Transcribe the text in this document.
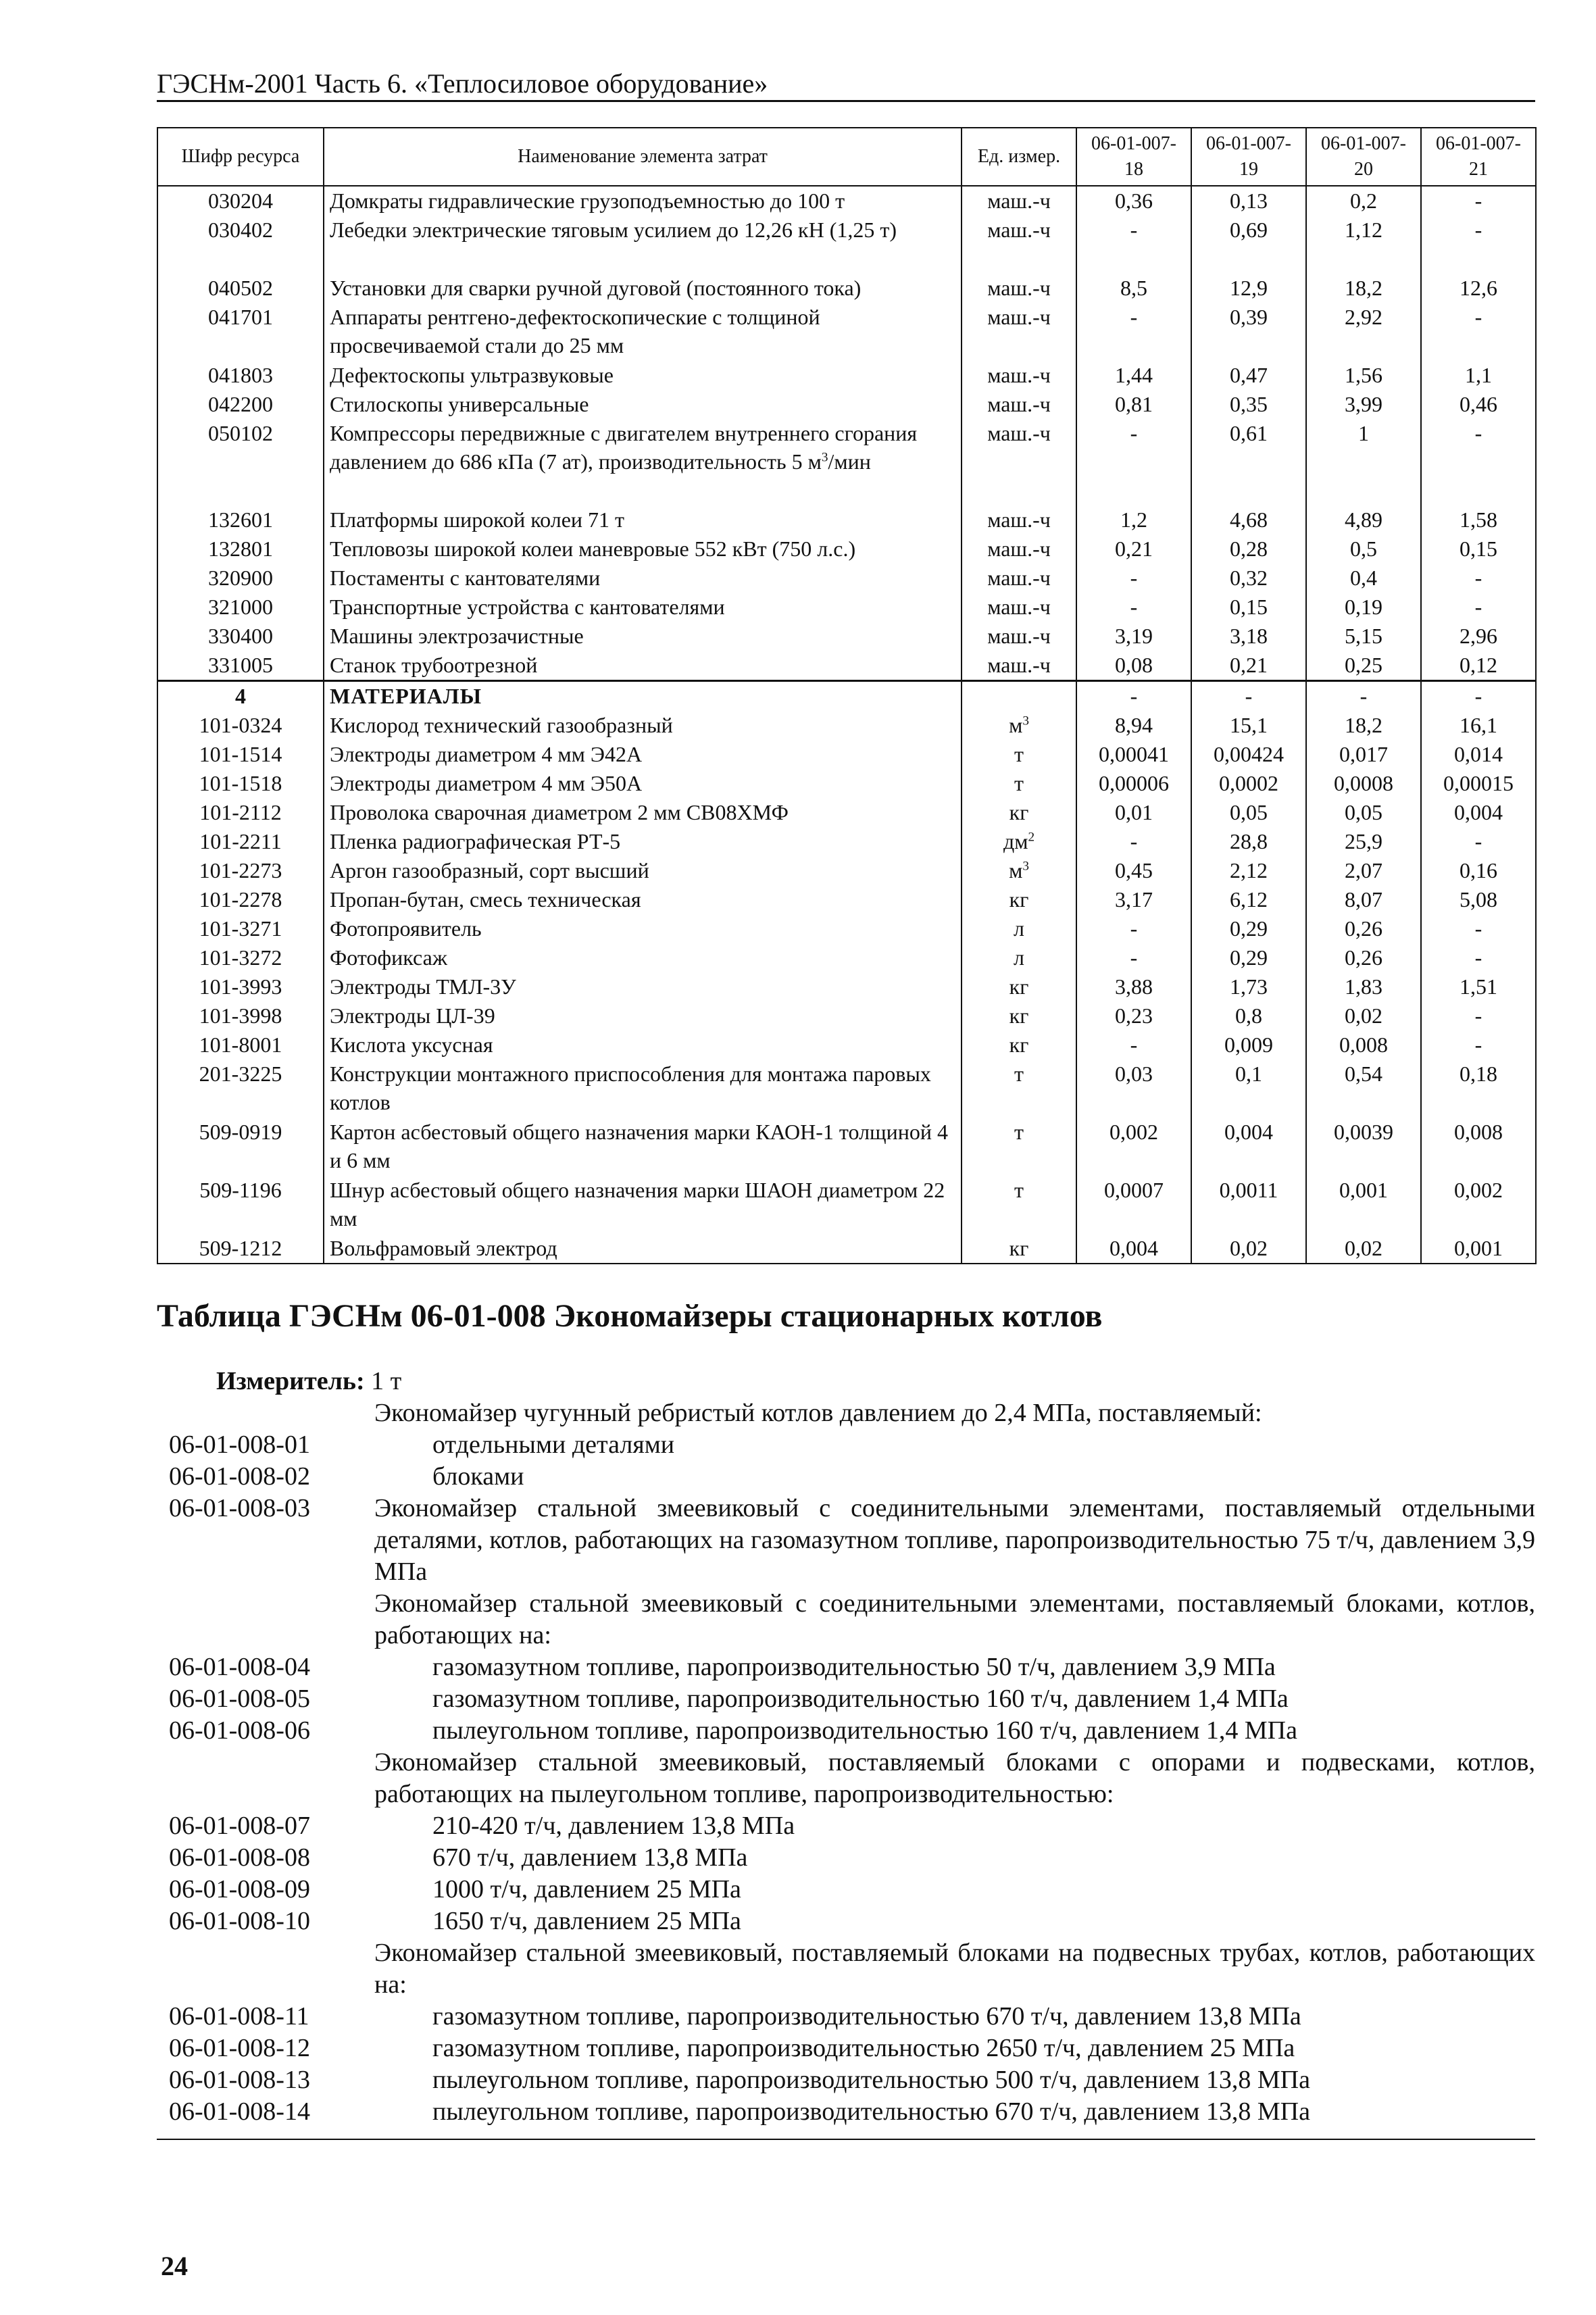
ГЭСНм-2001 Часть 6. «Теплосиловое оборудование»
Шифр ресурса	Наименование элемента затрат	Ед. измер.	06-01-007-18	06-01-007-19	06-01-007-20	06-01-007-21
030204	Домкраты гидравлические грузоподъемностью до 100 т	маш.-ч	0,36	0,13	0,2	-
030402	Лебедки электрические тяговым усилием до 12,26 кН (1,25 т)	маш.-ч	-	0,69	1,12	-
040502	Установки для сварки ручной дуговой (постоянного тока)	маш.-ч	8,5	12,9	18,2	12,6
041701	Аппараты рентгено-дефектоскопические с толщиной просвечиваемой стали до 25 мм	маш.-ч	-	0,39	2,92	-
041803	Дефектоскопы ультразвуковые	маш.-ч	1,44	0,47	1,56	1,1
042200	Стилоскопы универсальные	маш.-ч	0,81	0,35	3,99	0,46
050102	Компрессоры передвижные с двигателем внутреннего сгорания давлением до 686 кПа (7 ат), производительность 5 $м^3$/мин	маш.-ч	-	0,61	1	-
132601	Платформы широкой колеи 71 т	маш.-ч	1,2	4,68	4,89	1,58
132801	Тепловозы широкой колеи маневровые 552 кВт (750 л.с.)	маш.-ч	0,21	0,28	0,5	0,15
320900	Постаменты с кантователями	маш.-ч	-	0,32	0,4	-
321000	Транспортные устройства с кантователями	маш.-ч	-	0,15	0,19	-
330400	Машины электрозачистные	маш.-ч	3,19	3,18	5,15	2,96
331005	Станок трубоотрезной	маш.-ч	0,08	0,21	0,25	0,12
4	МАТЕРИАЛЫ		-	-	-	-
101-0324	Кислород технический газообразный	$м^3$	8,94	15,1	18,2	16,1
101-1514	Электроды диаметром 4 мм Э42А	т	0,00041	0,00424	0,017	0,014
101-1518	Электроды диаметром 4 мм Э50А	т	0,00006	0,0002	0,0008	0,00015
101-2112	Проволока сварочная диаметром 2 мм СВ08ХМФ	кг	0,01	0,05	0,05	0,004
101-2211	Пленка радиографическая РТ-5	$дм^2$	-	28,8	25,9	-
101-2273	Аргон газообразный, сорт высший	$м^3$	0,45	2,12	2,07	0,16
101-2278	Пропан-бутан, смесь техническая	кг	3,17	6,12	8,07	5,08
101-3271	Фотопроявитель	л	-	0,29	0,26	-
101-3272	Фотофиксаж	л	-	0,29	0,26	-
101-3993	Электроды ТМЛ-3У	кг	3,88	1,73	1,83	1,51
101-3998	Электроды ЦЛ-39	кг	0,23	0,8	0,02	-
101-8001	Кислота уксусная	кг	-	0,009	0,008	-
201-3225	Конструкции монтажного приспособления для монтажа паровых котлов	т	0,03	0,1	0,54	0,18
509-0919	Картон асбестовый общего назначения марки КАОН-1 толщиной 4 и 6 мм	т	0,002	0,004	0,0039	0,008
509-1196	Шнур асбестовый общего назначения марки ШАОН диаметром 22 мм	т	0,0007	0,0011	0,001	0,002
509-1212	Вольфрамовый электрод	кг	0,004	0,02	0,02	0,001
Таблица ГЭСНм 06-01-008 Экономайзеры стационарных котлов
Измеритель: 1 т
Экономайзер чугунный ребристый котлов давлением до 2,4 МПа, поставляемый:
06-01-008-01	отдельными деталями
06-01-008-02	блоками
06-01-008-03	Экономайзер стальной змеевиковый с соединительными элементами, поставляемый отдельными деталями, котлов, работающих на газомазутном топливе, паропроизводительностью 75 т/ч, давлением 3,9 МПа
Экономайзер стальной змеевиковый с соединительными элементами, поставляемый блоками, котлов, работающих на:
06-01-008-04	газомазутном топливе, паропроизводительностью 50 т/ч, давлением 3,9 МПа
06-01-008-05	газомазутном топливе, паропроизводительностью 160 т/ч, давлением 1,4 МПа
06-01-008-06	пылеугольном топливе, паропроизводительностью 160 т/ч, давлением 1,4 МПа
Экономайзер стальной змеевиковый, поставляемый блоками с опорами и подвесками, котлов, работающих на пылеугольном топливе, паропроизводительностью:
06-01-008-07	210-420 т/ч, давлением 13,8 МПа
06-01-008-08	670 т/ч, давлением 13,8 МПа
06-01-008-09	1000 т/ч, давлением 25 МПа
06-01-008-10	1650 т/ч, давлением 25 МПа
Экономайзер стальной змеевиковый, поставляемый блоками на подвесных трубах, котлов, работающих на:
06-01-008-11	газомазутном топливе, паропроизводительностью 670 т/ч, давлением 13,8 МПа
06-01-008-12	газомазутном топливе, паропроизводительностью 2650 т/ч, давлением 25 МПа
06-01-008-13	пылеугольном топливе, паропроизводительностью 500 т/ч, давлением 13,8 МПа
06-01-008-14	пылеугольном топливе, паропроизводительностью 670 т/ч, давлением 13,8 МПа
24
